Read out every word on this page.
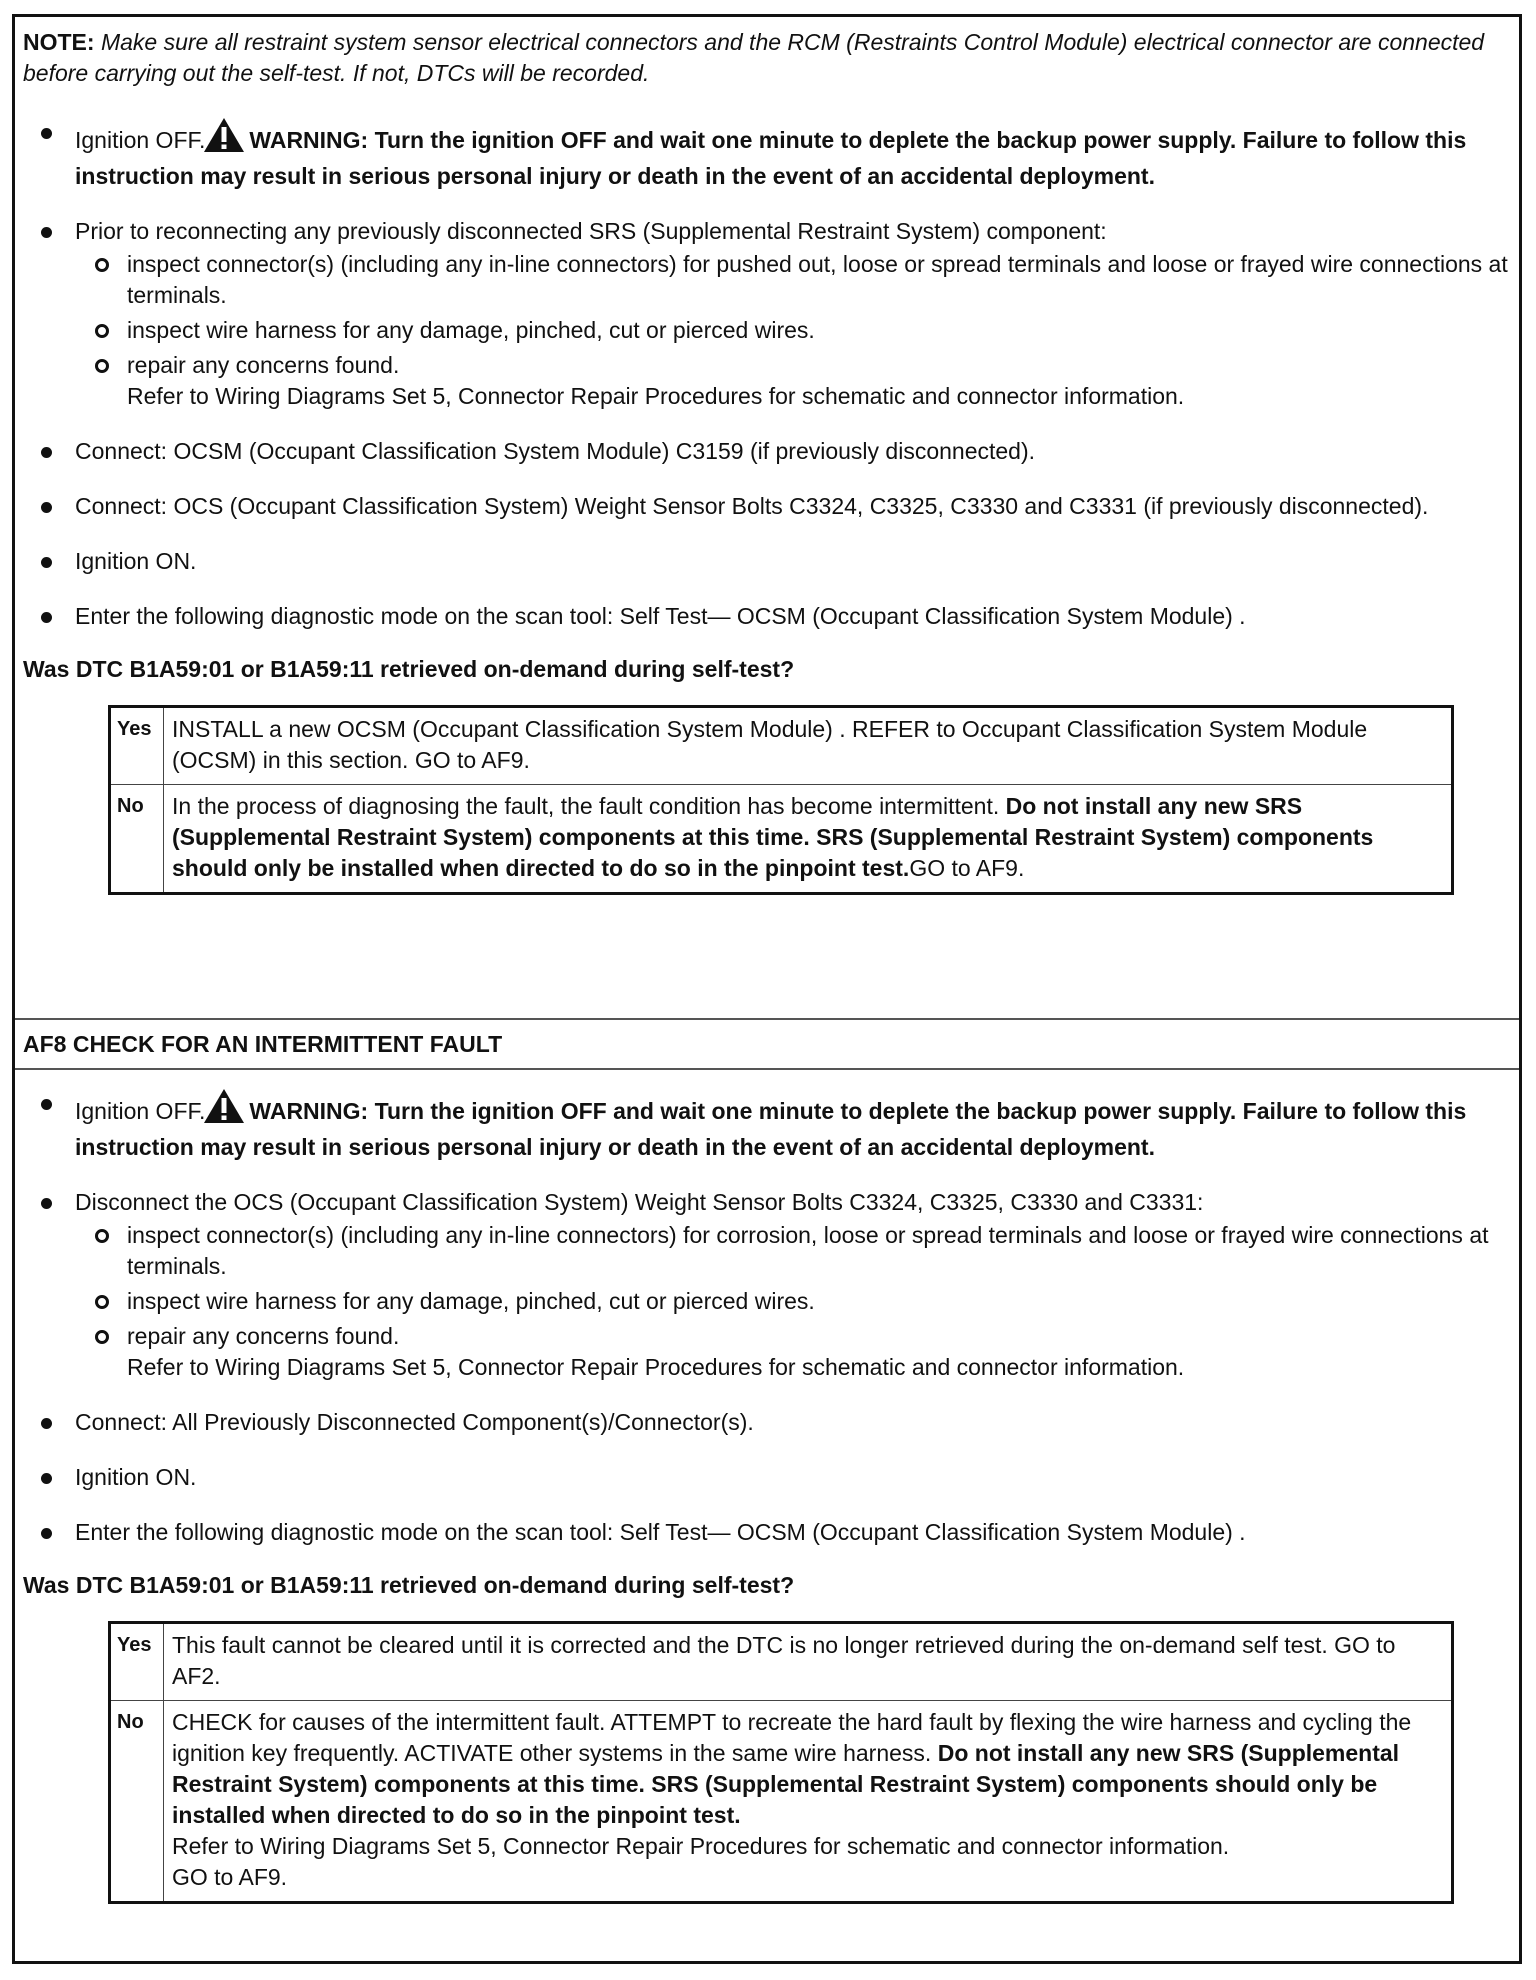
NOTE: Make sure all restraint system sensor electrical connectors and the RCM (Restraints Control Module) electrical connector are connected before carrying out the self-test. If not, DTCs will be recorded.

Ignition OFF. WARNING: Turn the ignition OFF and wait one minute to deplete the backup power supply. Failure to follow this instruction may result in serious personal injury or death in the event of an accidental deployment.
Prior to reconnecting any previously disconnected SRS (Supplemental Restraint System) component:
inspect connector(s) (including any in-line connectors) for pushed out, loose or spread terminals and loose or frayed wire connections at terminals.
inspect wire harness for any damage, pinched, cut or pierced wires.
repair any concerns found.
Refer to Wiring Diagrams Set 5, Connector Repair Procedures for schematic and connector information.
Connect: OCSM (Occupant Classification System Module) C3159 (if previously disconnected).
Connect: OCS (Occupant Classification System) Weight Sensor Bolts C3324, C3325, C3330 and C3331 (if previously disconnected).
Ignition ON.
Enter the following diagnostic mode on the scan tool: Self Test— OCSM (Occupant Classification System Module) .

Was DTC B1A59:01 or B1A59:11 retrieved on-demand during self-test?

Yes	INSTALL a new OCSM (Occupant Classification System Module) . REFER to Occupant Classification System Module (OCSM) in this section. GO to AF9.
No	In the process of diagnosing the fault, the fault condition has become intermittent. Do not install any new SRS (Supplemental Restraint System) components at this time. SRS (Supplemental Restraint System) components should only be installed when directed to do so in the pinpoint test.GO to AF9.
AF8 CHECK FOR AN INTERMITTENT FAULT
Ignition OFF. WARNING: Turn the ignition OFF and wait one minute to deplete the backup power supply. Failure to follow this instruction may result in serious personal injury or death in the event of an accidental deployment.
Disconnect the OCS (Occupant Classification System) Weight Sensor Bolts C3324, C3325, C3330 and C3331:
inspect connector(s) (including any in-line connectors) for corrosion, loose or spread terminals and loose or frayed wire connections at terminals.
inspect wire harness for any damage, pinched, cut or pierced wires.
repair any concerns found.
Refer to Wiring Diagrams Set 5, Connector Repair Procedures for schematic and connector information.
Connect: All Previously Disconnected Component(s)/Connector(s).
Ignition ON.
Enter the following diagnostic mode on the scan tool: Self Test— OCSM (Occupant Classification System Module) .

Was DTC B1A59:01 or B1A59:11 retrieved on-demand during self-test?

Yes	This fault cannot be cleared until it is corrected and the DTC is no longer retrieved during the on-demand self test. GO to AF2.
No	CHECK for causes of the intermittent fault. ATTEMPT to recreate the hard fault by flexing the wire harness and cycling the ignition key frequently. ACTIVATE other systems in the same wire harness. Do not install any new SRS (Supplemental Restraint System) components at this time. SRS (Supplemental Restraint System) components should only be installed when directed to do so in the pinpoint test.
Refer to Wiring Diagrams Set 5, Connector Repair Procedures for schematic and connector information.
GO to AF9.
